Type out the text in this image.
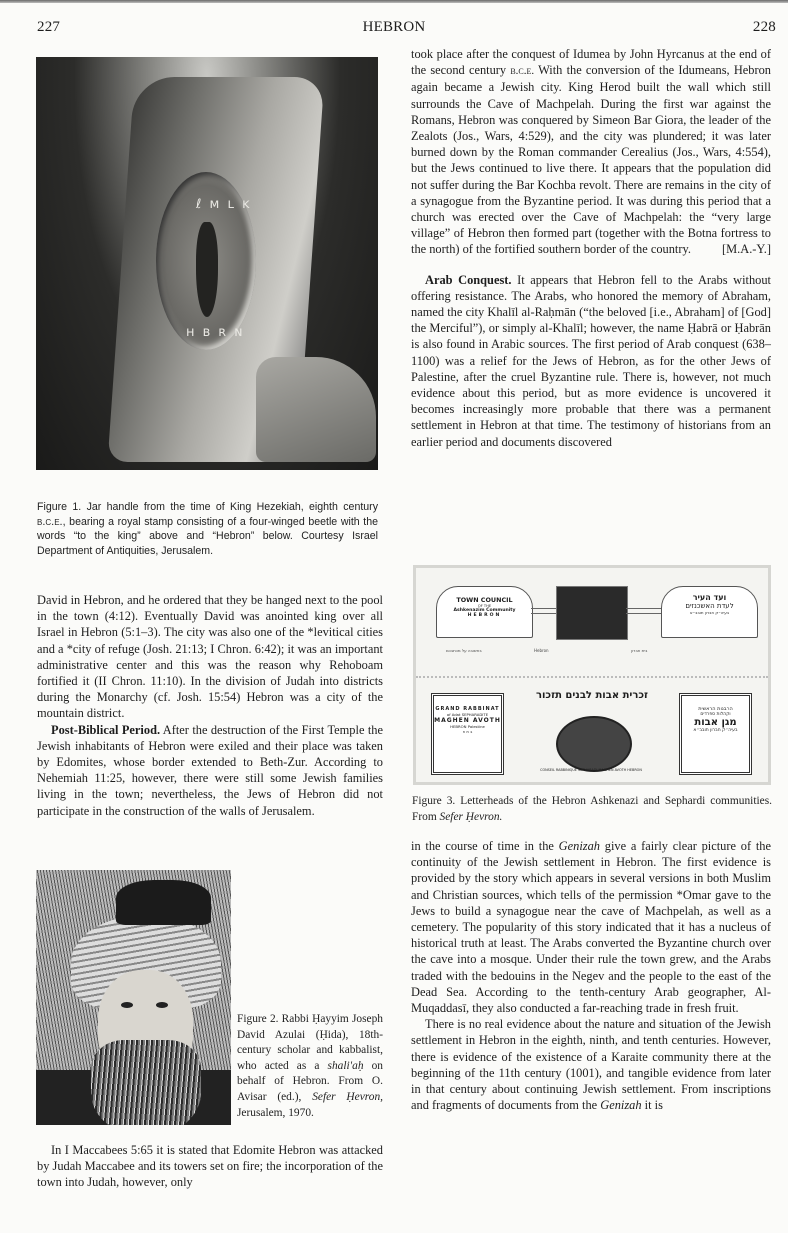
227	HEBRON	228
ℓ ᴍ ʟ ᴋ
ʜ ʙ ʀ ɴ
Figure 1. Jar handle from the time of King Hezekiah, eighth century b.c.e., bearing a royal stamp consisting of a four-winged beetle with the words “to the king” above and “Hebron” below. Courtesy Israel Department of Antiquities, Jerusalem.

David in Hebron, and he ordered that they be hanged next to the pool in the town (4:12). Eventually David was anointed king over all Israel in Hebron (5:1–3). The city was also one of the *levitical cities and a *city of refuge (Josh. 21:13; I Chron. 6:42); it was an important administrative center and this was the reason why Rehoboam fortified it (II Chron. 11:10). In the division of Judah into districts during the Monarchy (cf. Josh. 15:54) Hebron was a city of the mountain district.

Post-Biblical Period. After the destruction of the First Temple the Jewish inhabitants of Hebron were exiled and their place was taken by Edomites, whose border extended to Beth-Zur. According to Nehemiah 11:25, however, there were still some Jewish families living in the town; nevertheless, the Jews of Hebron did not participate in the construction of the walls of Jerusalem.

Figure 2. Rabbi Ḥayyim Joseph David Azulai (Ḥida), 18th-century scholar and kabbalist, who acted as a shali'aḥ on behalf of Hebron. From O. Avisar (ed.), Sefer Ḥevron, Jerusalem, 1970.

In I Maccabees 5:65 it is stated that Edomite Hebron was attacked by Judah Maccabee and its towers set on fire; the incorporation of the town into Judah, however, only

took place after the conquest of Idumea by John Hyrcanus at the end of the second century b.c.e. With the conversion of the Idumeans, Hebron again became a Jewish city. King Herod built the wall which still surrounds the Cave of Machpelah. During the first war against the Romans, Hebron was conquered by Simeon Bar Giora, the leader of the Zealots (Jos., Wars, 4:529), and the city was plundered; it was later burned down by the Roman commander Cerealius (Jos., Wars, 4:554), but the Jews continued to live there. It appears that the population did not suffer during the Bar Kochba revolt. There are remains in the city of a synagogue from the Byzantine period. It was during this period that a church was erected over the Cave of Machpelah: the “very large village” of Hebron then formed part (together with the Botna fortress to the north) of the fortified southern border of the country.	[M.A.-Y.]

Arab Conquest. It appears that Hebron fell to the Arabs without offering resistance. The Arabs, who honored the memory of Abraham, named the city Khalīl al-Raḥmān (“the beloved [i.e., Abraham] of [God] the Merciful”), or simply al-Khalīl; however, the name Ḥabrā or Ḥabrān is also found in Arabic sources. The first period of Arab conquest (638–1100) was a relief for the Jews of Hebron, as for the other Jews of Palestine, after the cruel Byzantine rule. There is, however, not much evidence about this period, but as more evidence is uncovered it becomes increasingly more probable that there was a permanent settlement in Hebron at that time. The testimony of historians from an earlier period and documents discovered

TOWN COUNCIL
OF THE
Ashkenazim Community
HEBRON
ועד העיר
לעדת האשכנזים
בעיה״ק חברון תובב״א
בחשובה על מכתבכם	Hebron	בית חברון
GRAND RABBINAT
of Adat SEPHARADITE
MAGHEN AVOTH
HEBRON Palestine
ב ת ח
זכרית אבות לבנים תזכור
CONSEIL RABBINIQUE SEPHARADI MAGHEN AVOTH HEBRON
הרבנות הראשית
וקהלות ספרדים
מגן אבות
בעיה״ק חברון תובב״א
Figure 3. Letterheads of the Hebron Ashkenazi and Sephardi communities. From Sefer Ḥevron.

in the course of time in the Genizah give a fairly clear picture of the continuity of the Jewish settlement in Hebron. The first evidence is provided by the story which appears in several versions in both Muslim and Christian sources, which tells of the permission *Omar gave to the Jews to build a synagogue near the cave of Machpelah, as well as a cemetery. The popularity of this story indicated that it has a nucleus of historical truth at least. The Arabs converted the Byzantine church over the cave into a mosque. Under their rule the town grew, and the Arabs traded with the bedouins in the Negev and the people to the east of the Dead Sea. According to the tenth-century Arab geographer, Al-Muqaddasī, they also conducted a far-reaching trade in fresh fruit.

There is no real evidence about the nature and situation of the Jewish settlement in Hebron in the eighth, ninth, and tenth centuries. However, there is evidence of the existence of a Karaite community there at the beginning of the 11th century (1001), and tangible evidence from later in that century about continuing Jewish settlement. From inscriptions and fragments of documents from the Genizah it is
